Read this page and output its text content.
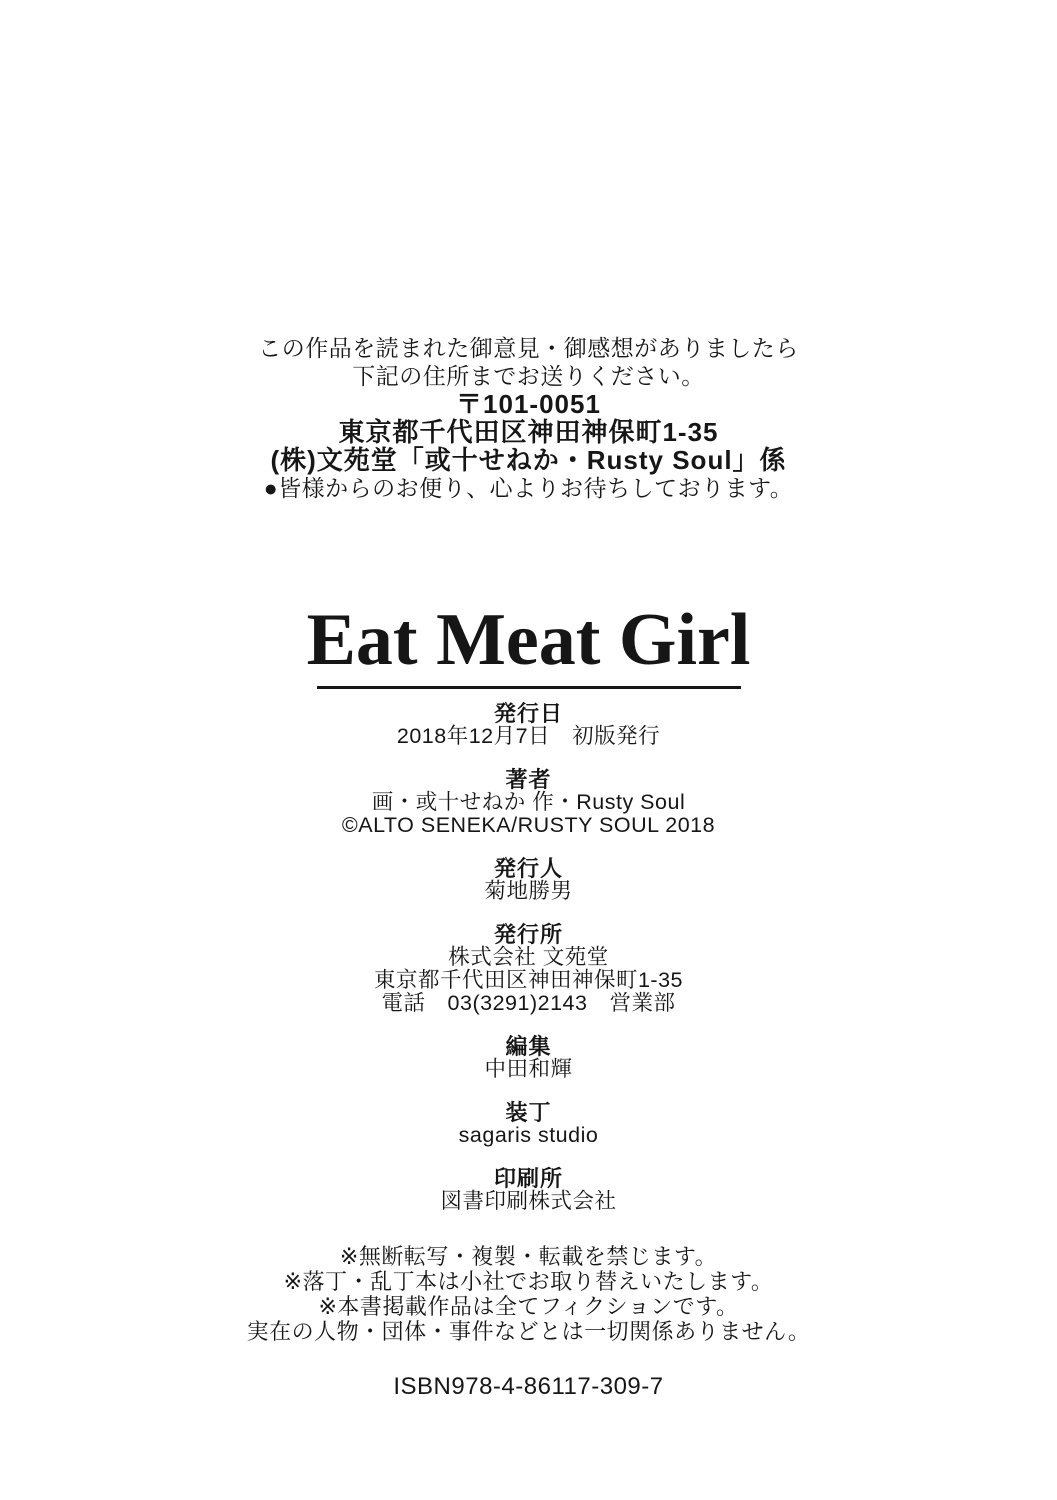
この作品を読まれた御意見・御感想がありましたら
下記の住所までお送りください。
〒101-0051
東京都千代田区神田神保町1-35
(株)文苑堂「或十せねか・Rusty Soul」係
●皆様からのお便り、心よりお待ちしております。
Eat Meat Girl
発行日
2018年12月7日　初版発行
著者
画・或十せねか 作・Rusty Soul
©ALTO SENEKA/RUSTY SOUL 2018
発行人
菊地勝男
発行所
株式会社 文苑堂
東京都千代田区神田神保町1-35
電話　03(3291)2143　営業部
編集
中田和輝
装丁
sagaris studio
印刷所
図書印刷株式会社
※無断転写・複製・転載を禁じます。
※落丁・乱丁本は小社でお取り替えいたします。
※本書掲載作品は全てフィクションです。
実在の人物・団体・事件などとは一切関係ありません。
ISBN978-4-86117-309-7
